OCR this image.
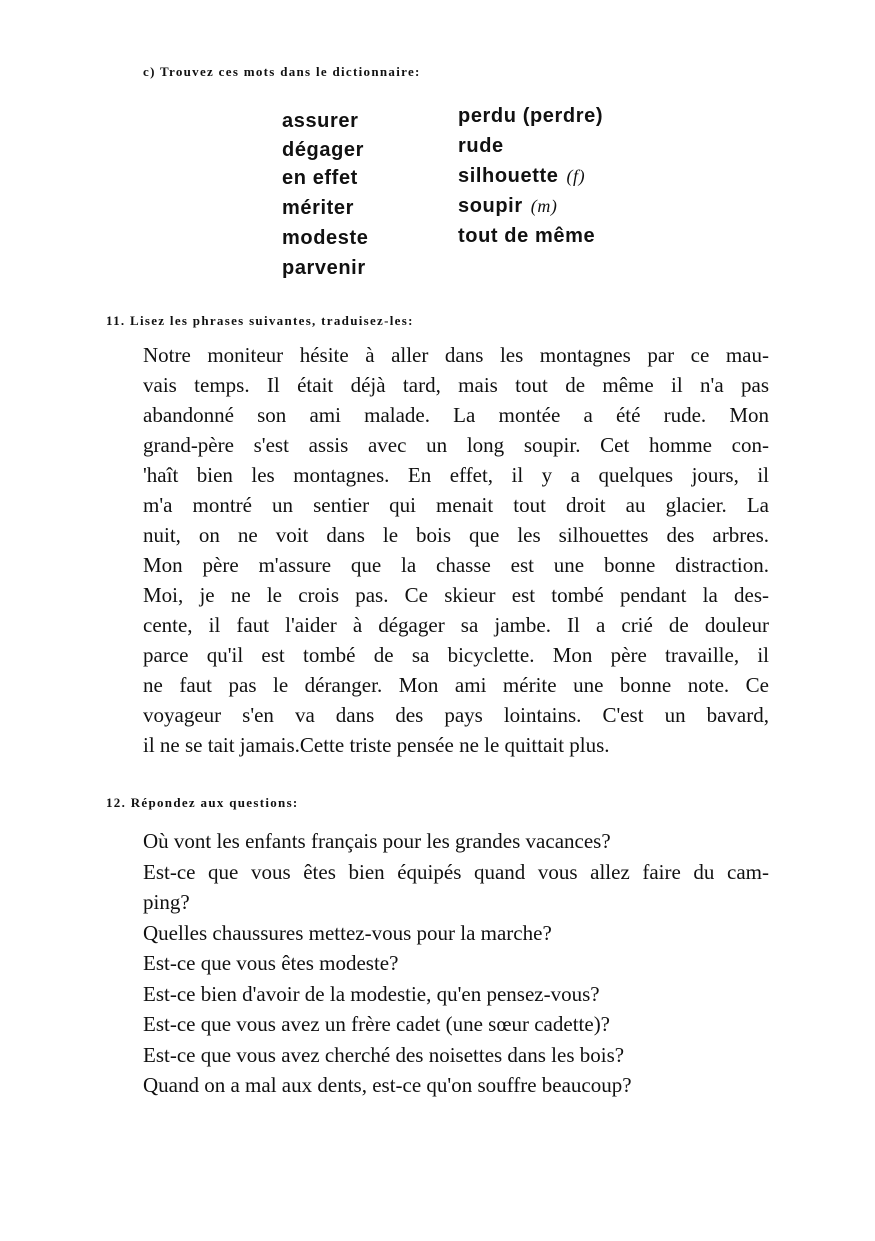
c) Trouvez ces mots dans le dictionnaire:

assurer
dégager
en effet
mériter
modeste
parvenir
perdu (perdre)
rude
silhouette (f)
soupir (m)
tout de même

11. Lisez les phrases suivantes, traduisez-les:

Notre moniteur hésite à aller dans les montagnes par ce mau-
vais temps. Il était déjà tard, mais tout de même il n'a pas
abandonné son ami malade. La montée a été rude. Mon
grand-père s'est assis avec un long soupir. Cet homme con-
'haît bien les montagnes. En effet, il y a quelques jours, il
m'a montré un sentier qui menait tout droit au glacier. La
nuit, on ne voit dans le bois que les silhouettes des arbres.
Mon père m'assure que la chasse est une bonne distraction.
Moi, je ne le crois pas. Ce skieur est tombé pendant la des-
cente, il faut l'aider à dégager sa jambe. Il a crié de douleur
parce qu'il est tombé de sa bicyclette. Mon père travaille, il
ne faut pas le déranger. Mon ami mérite une bonne note. Ce
voyageur s'en va dans des pays lointains. C'est un bavard,
il ne se tait jamais.Cette triste pensée ne le quittait plus.

12. Répondez aux questions:

Où vont les enfants français pour les grandes vacances?
Est-ce que vous êtes bien équipés quand vous allez faire du cam-
ping?
Quelles chaussures mettez-vous pour la marche?
Est-ce que vous êtes modeste?
Est-ce bien d'avoir de la modestie, qu'en pensez-vous?
Est-ce que vous avez un frère cadet (une sœur cadette)?
Est-ce que vous avez cherché des noisettes dans les bois?
Quand on a mal aux dents, est-ce qu'on souffre beaucoup?
